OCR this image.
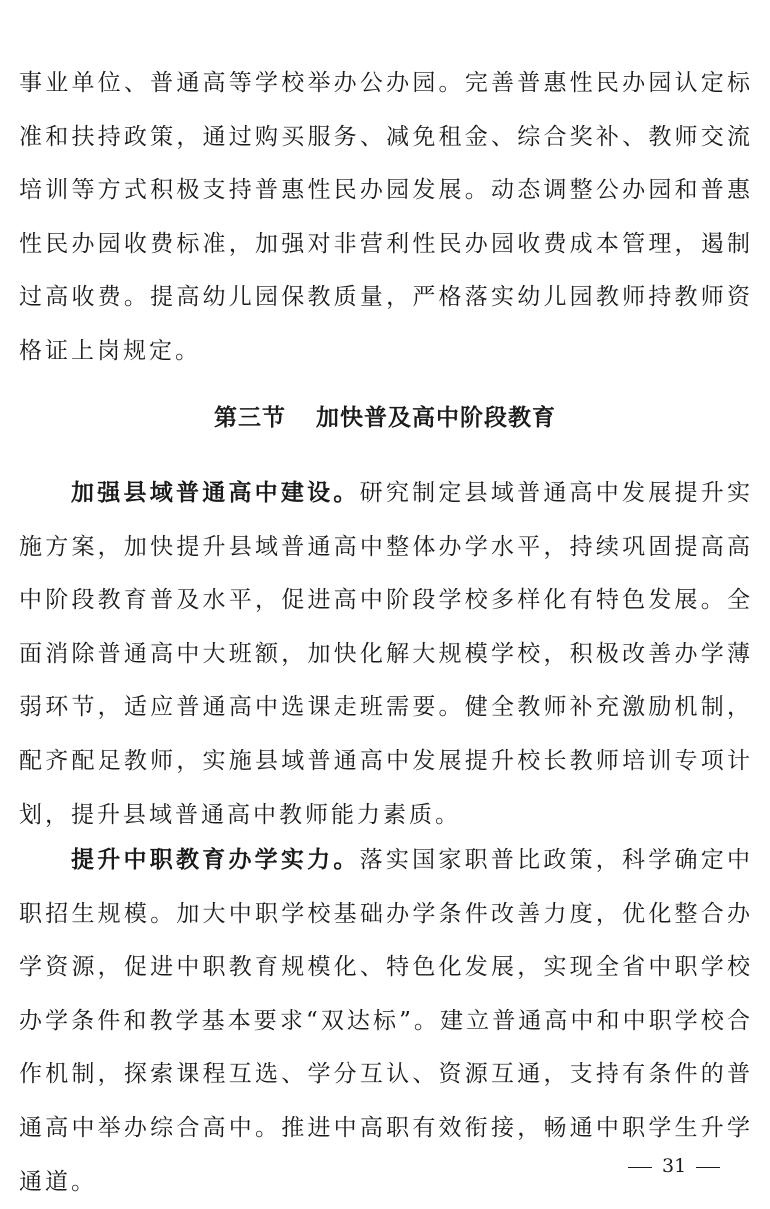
事业单位、普通高等学校举办公办园。完善普惠性民办园认定标准和扶持政策，通过购买服务、减免租金、综合奖补、教师交流培训等方式积极支持普惠性民办园发展。动态调整公办园和普惠性民办园收费标准，加强对非营利性民办园收费成本管理，遏制过高收费。提高幼儿园保教质量，严格落实幼儿园教师持教师资格证上岗规定。

第三节 加快普及高中阶段教育

加强县域普通高中建设。研究制定县域普通高中发展提升实施方案，加快提升县域普通高中整体办学水平，持续巩固提高高中阶段教育普及水平，促进高中阶段学校多样化有特色发展。全面消除普通高中大班额，加快化解大规模学校，积极改善办学薄弱环节，适应普通高中选课走班需要。健全教师补充激励机制，配齐配足教师，实施县域普通高中发展提升校长教师培训专项计划，提升县域普通高中教师能力素质。

提升中职教育办学实力。落实国家职普比政策，科学确定中职招生规模。加大中职学校基础办学条件改善力度，优化整合办学资源，促进中职教育规模化、特色化发展，实现全省中职学校办学条件和教学基本要求“双达标”。建立普通高中和中职学校合作机制，探索课程互选、学分互认、资源互通，支持有条件的普通高中举办综合高中。推进中高职有效衔接，畅通中职学生升学通道。

31
